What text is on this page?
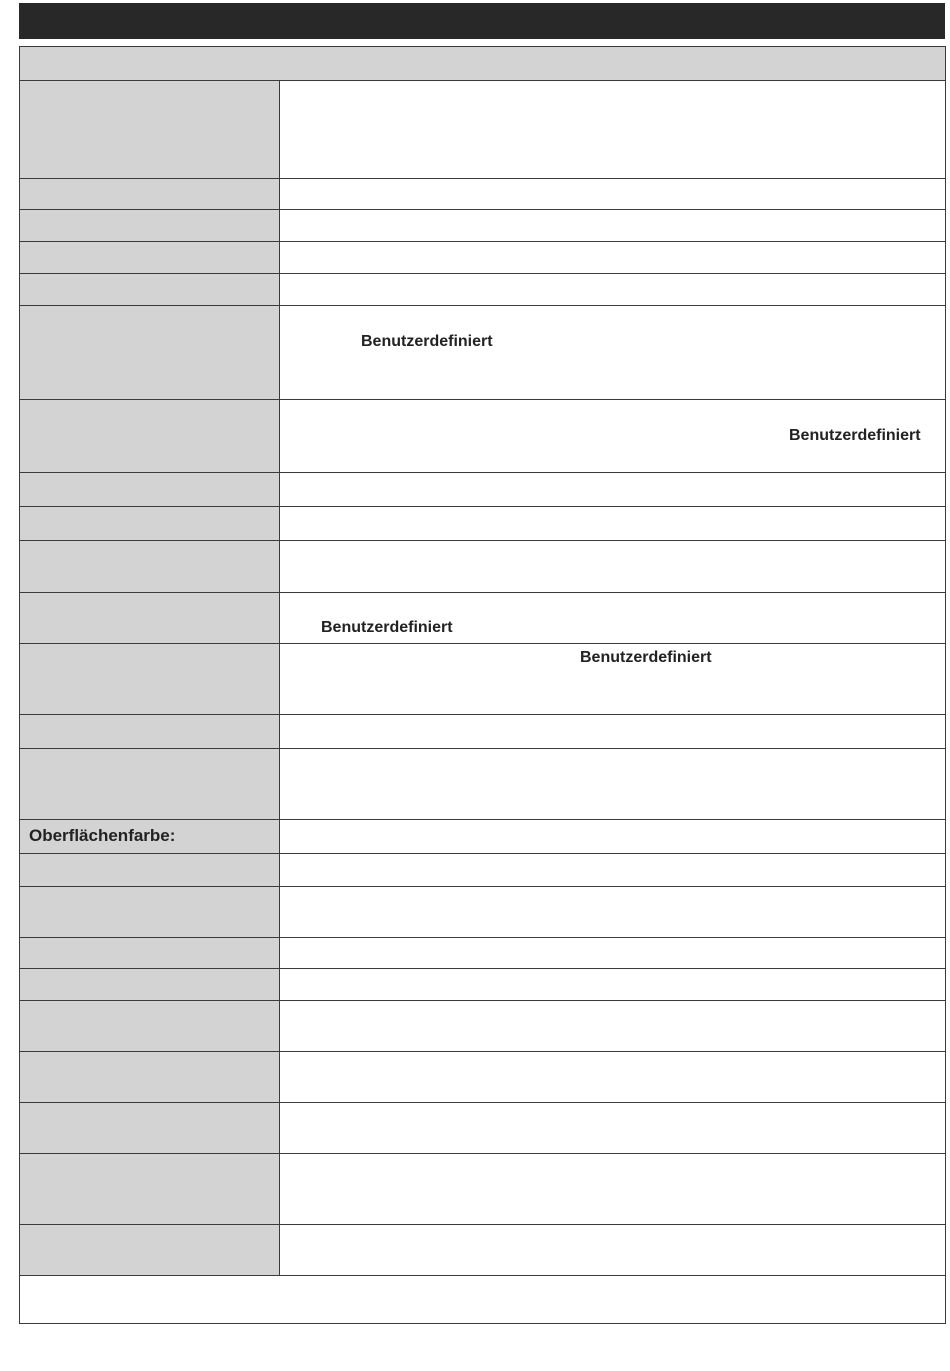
	Benutzerdefiniert

	Benutzerdefiniert

	Benutzerdefiniert

	Benutzerdefiniert

Oberflächenfarbe:	
